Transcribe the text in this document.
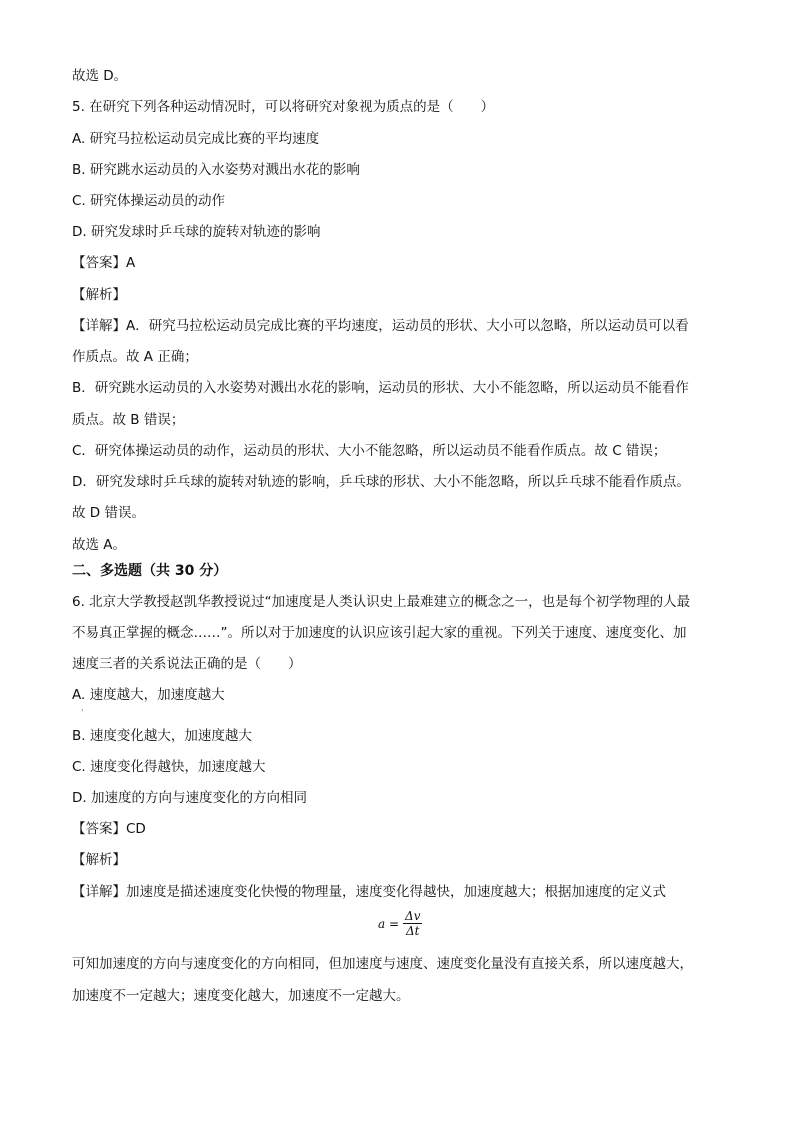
故选 D。
5. 在研究下列各种运动情况时，可以将研究对象视为质点的是（　　）
A. 研究马拉松运动员完成比赛的平均速度
B. 研究跳水运动员的入水姿势对溅出水花的影响
C. 研究体操运动员的动作
D. 研究发球时乒乓球的旋转对轨迹的影响
【答案】A
【解析】
【详解】A．研究马拉松运动员完成比赛的平均速度，运动员的形状、大小可以忽略，所以运动员可以看
作质点。故 A 正确；
B．研究跳水运动员的入水姿势对溅出水花的影响，运动员的形状、大小不能忽略，所以运动员不能看作
质点。故 B 错误；
C．研究体操运动员的动作，运动员的形状、大小不能忽略，所以运动员不能看作质点。故 C 错误；
D．研究发球时乒乓球的旋转对轨迹的影响，乒乓球的形状、大小不能忽略，所以乒乓球不能看作质点。
故 D 错误。
故选 A。
二、多选题（共 30 分）
6. 北京大学教授赵凯华教授说过“加速度是人类认识史上最难建立的概念之一，也是每个初学物理的人最
不易真正掌握的概念……”。所以对于加速度的认识应该引起大家的重视。下列关于速度、速度变化、加
速度三者的关系说法正确的是（　　）
A. 速度越大，加速度越大
·
B. 速度变化越大，加速度越大
C. 速度变化得越快，加速度越大
D. 加速度的方向与速度变化的方向相同
【答案】CD
【解析】
【详解】加速度是描述速度变化快慢的物理量，速度变化得越快，加速度越大；根据加速度的定义式
$a = \frac{\Delta v}{\Delta t}$
可知加速度的方向与速度变化的方向相同，但加速度与速度、速度变化量没有直接关系，所以速度越大，
加速度不一定越大；速度变化越大，加速度不一定越大。
